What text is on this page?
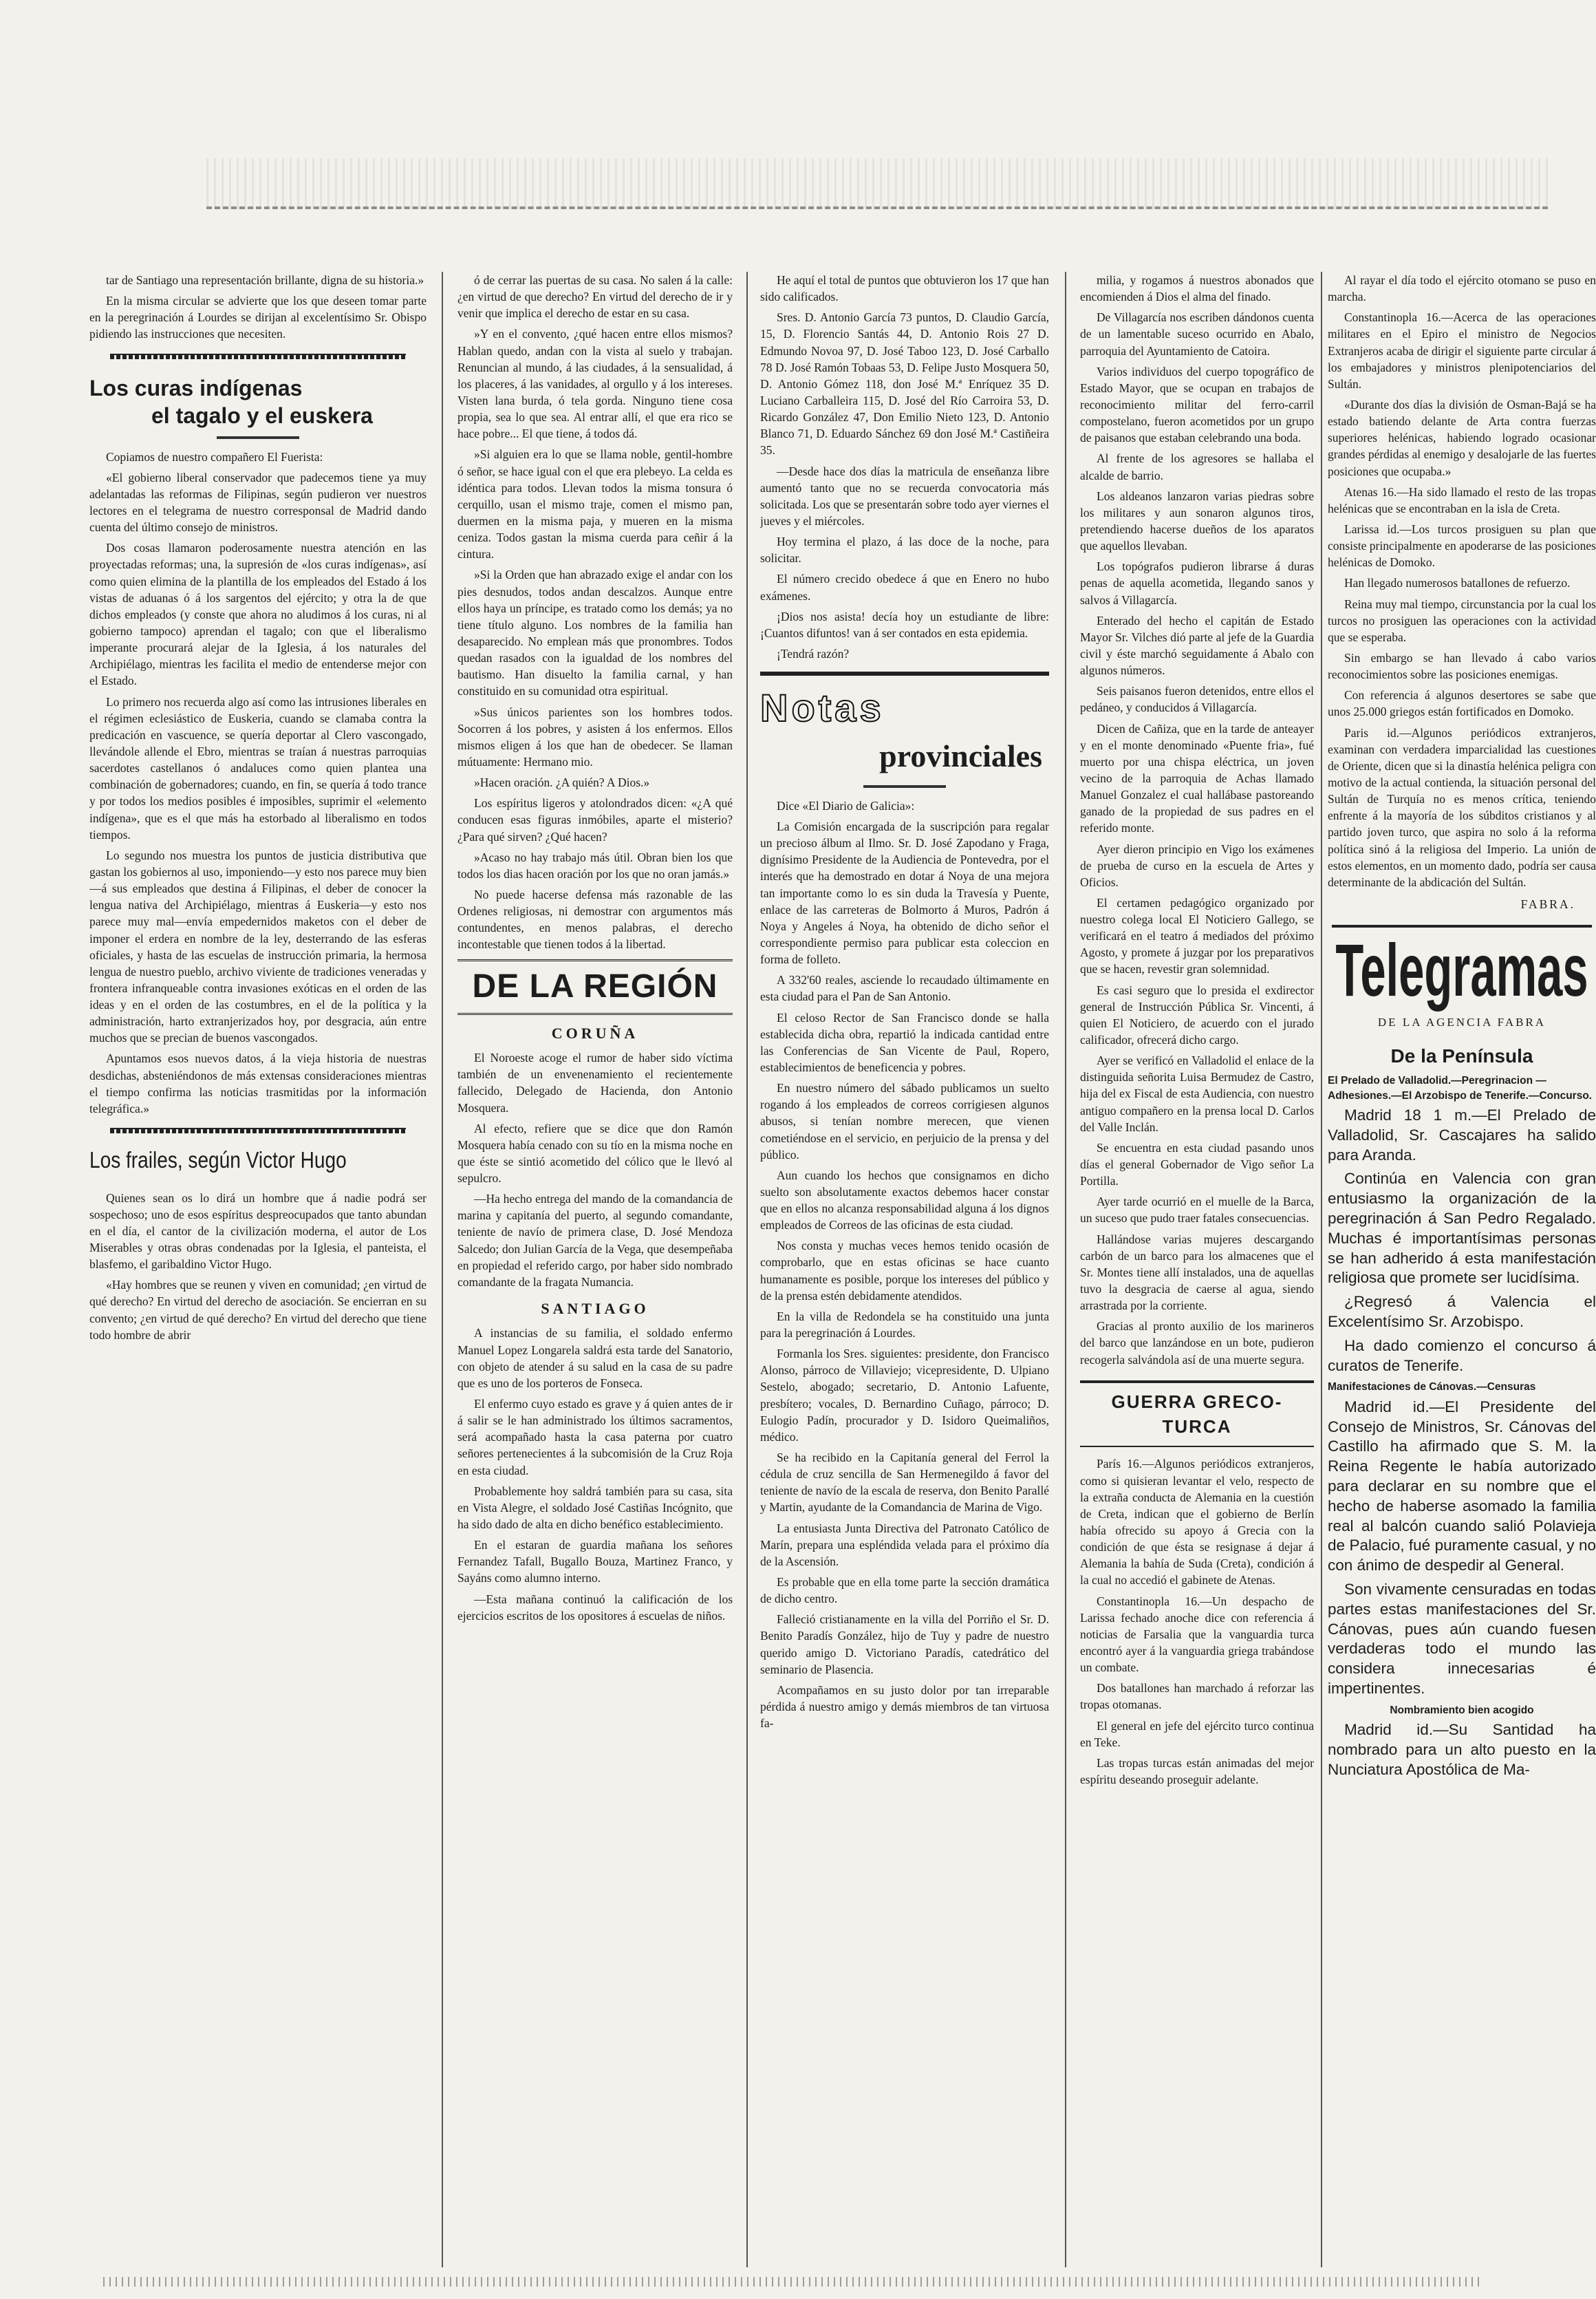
tar de Santiago una representación brillante, digna de su historia.»

En la misma circular se advierte que los que deseen tomar parte en la peregrinación á Lourdes se dirijan al excelentísimo Sr. Obispo pidiendo las instrucciones que necesiten.

Los curas indígenas
el tagalo y el euskera

Copiamos de nuestro compañero El Fuerista:

«El gobierno liberal conservador que padecemos tiene ya muy adelantadas las reformas de Filipinas, según pudieron ver nuestros lectores en el telegrama de nuestro corresponsal de Madrid dando cuenta del último consejo de ministros.

Dos cosas llamaron poderosamente nuestra atención en las proyectadas reformas; una, la supresión de «los curas indígenas», así como quien elimina de la plantilla de los empleados del Estado á los vistas de aduanas ó á los sargentos del ejército; y otra la de que dichos empleados (y conste que ahora no aludimos á los curas, ni al gobierno tampoco) aprendan el tagalo; con que el liberalismo imperante procurará alejar de la Iglesia, á los naturales del Archipiélago, mientras les facilita el medio de entenderse mejor con el Estado.

Lo primero nos recuerda algo así como las intrusiones liberales en el régimen eclesiástico de Euskeria, cuando se clamaba contra la predicación en vascuence, se quería deportar al Clero vascongado, llevándole allende el Ebro, mientras se traían á nuestras parroquias sacerdotes castellanos ó andaluces como quien plantea una combinación de gobernadores; cuando, en fin, se quería á todo trance y por todos los medios posibles é imposibles, suprimir el «elemento indígena», que es el que más ha estorbado al liberalismo en todos tiempos.

Lo segundo nos muestra los puntos de justicia distributiva que gastan los gobiernos al uso, imponiendo—y esto nos parece muy bien—á sus empleados que destina á Filipinas, el deber de conocer la lengua nativa del Archipiélago, mientras á Euskeria—y esto nos parece muy mal—envía empedernidos maketos con el deber de imponer el erdera en nombre de la ley, desterrando de las esferas oficiales, y hasta de las escuelas de instrucción primaria, la hermosa lengua de nuestro pueblo, archivo viviente de tradiciones veneradas y frontera infranqueable contra invasiones exóticas en el orden de las ideas y en el orden de las costumbres, en el de la política y la administración, harto extranjerizados hoy, por desgracia, aún entre muchos que se precian de buenos vascongados.

Apuntamos esos nuevos datos, á la vieja historia de nuestras desdichas, absteniéndonos de más extensas consideraciones mientras el tiempo confirma las noticias trasmitidas por la información telegráfica.»

Los frailes, según Victor Hugo

Quienes sean os lo dirá un hombre que á nadie podrá ser sospechoso; uno de esos espíritus despreocupados que tanto abundan en el día, el cantor de la civilización moderna, el autor de Los Miserables y otras obras condenadas por la Iglesia, el panteista, el blasfemo, el garibaldino Victor Hugo.

«Hay hombres que se reunen y viven en comunidad; ¿en virtud de qué derecho? En virtud del derecho de asociación. Se encierran en su convento; ¿en virtud de qué derecho? En virtud del derecho que tiene todo hombre de abrir

ó de cerrar las puertas de su casa. No salen á la calle: ¿en virtud de que derecho? En virtud del derecho de ir y venir que implica el derecho de estar en su casa.

»Y en el convento, ¿qué hacen entre ellos mismos? Hablan quedo, andan con la vista al suelo y trabajan. Renuncian al mundo, á las ciudades, á la sensualidad, á los placeres, á las vanidades, al orgullo y á los intereses. Visten lana burda, ó tela gorda. Ninguno tiene cosa propia, sea lo que sea. Al entrar allí, el que era rico se hace pobre... El que tiene, á todos dá.

»Si alguien era lo que se llama noble, gentil-hombre ó señor, se hace igual con el que era plebeyo. La celda es idéntica para todos. Llevan todos la misma tonsura ó cerquillo, usan el mismo traje, comen el mismo pan, duermen en la misma paja, y mueren en la misma ceniza. Todos gastan la misma cuerda para ceñir á la cintura.

»Si la Orden que han abrazado exige el andar con los pies desnudos, todos andan descalzos. Aunque entre ellos haya un príncipe, es tratado como los demás; ya no tiene título alguno. Los nombres de la familia han desaparecido. No emplean más que pronombres. Todos quedan rasados con la igualdad de los nombres del bautismo. Han disuelto la familia carnal, y han constituido en su comunidad otra espiritual.

»Sus únicos parientes son los hombres todos. Socorren á los pobres, y asisten á los enfermos. Ellos mismos eligen á los que han de obedecer. Se llaman mútuamente: Hermano mio.

»Hacen oración. ¿A quién? A Dios.»

Los espíritus ligeros y atolondrados dicen: «¿A qué conducen esas figuras inmóbiles, aparte el misterio? ¿Para qué sirven? ¿Qué hacen?

»Acaso no hay trabajo más útil. Obran bien los que todos los dias hacen oración por los que no oran jamás.»

No puede hacerse defensa más razonable de las Ordenes religiosas, ni demostrar con argumentos más contundentes, en menos palabras, el derecho incontestable que tienen todos á la libertad.

DE LA REGIÓN
CORUÑA

El Noroeste acoge el rumor de haber sido víctima también de un envenenamiento el recientemente fallecido, Delegado de Hacienda, don Antonio Mosquera.

Al efecto, refiere que se dice que don Ramón Mosquera había cenado con su tío en la misma noche en que éste se sintió acometido del cólico que le llevó al sepulcro.

—Ha hecho entrega del mando de la comandancia de marina y capitanía del puerto, al segundo comandante, teniente de navío de primera clase, D. José Mendoza Salcedo; don Julian García de la Vega, que desempeñaba en propiedad el referido cargo, por haber sido nombrado comandante de la fragata Numancia.

SANTIAGO

A instancias de su familia, el soldado enfermo Manuel Lopez Longarela saldrá esta tarde del Sanatorio, con objeto de atender á su salud en la casa de su padre que es uno de los porteros de Fonseca.

El enfermo cuyo estado es grave y á quien antes de ir á salir se le han administrado los últimos sacramentos, será acompañado hasta la casa paterna por cuatro señores pertenecientes á la subcomisión de la Cruz Roja en esta ciudad.

Probablemente hoy saldrá también para su casa, sita en Vista Alegre, el soldado José Castiñas Incógnito, que ha sido dado de alta en dicho benéfico establecimiento.

En el estaran de guardia mañana los señores Fernandez Tafall, Bugallo Bouza, Martinez Franco, y Sayáns como alumno interno.

—Esta mañana continuó la calificación de los ejercicios escritos de los opositores á escuelas de niños.

He aquí el total de puntos que obtuvieron los 17 que han sido calificados.

Sres. D. Antonio García 73 puntos, D. Claudio García, 15, D. Florencio Santás 44, D. Antonio Rois 27 D. Edmundo Novoa 97, D. José Taboo 123, D. José Carballo 78 D. José Ramón Tobaas 53, D. Felipe Justo Mosquera 50, D. Antonio Gómez 118, don José M.ª Enríquez 35 D. Luciano Carballeira 115, D. José del Río Carroira 53, D. Ricardo González 47, Don Emilio Nieto 123, D. Antonio Blanco 71, D. Eduardo Sánchez 69 don José M.ª Castiñeira 35.

—Desde hace dos días la matricula de enseñanza libre aumentó tanto que no se recuerda convocatoria más solicitada. Los que se presentarán sobre todo ayer viernes el jueves y el miércoles.

Hoy termina el plazo, á las doce de la noche, para solicitar.

El número crecido obedece á que en Enero no hubo exámenes.

¡Dios nos asista! decía hoy un estudiante de libre: ¡Cuantos difuntos! van á ser contados en esta epidemia.

¡Tendrá razón?

Notas
provinciales

Dice «El Diario de Galicia»:

La Comisión encargada de la suscripción para regalar un precioso álbum al Ilmo. Sr. D. José Zapodano y Fraga, dignísimo Presidente de la Audiencia de Pontevedra, por el interés que ha demostrado en dotar á Noya de una mejora tan importante como lo es sin duda la Travesía y Puente, enlace de las carreteras de Bolmorto á Muros, Padrón á Noya y Angeles á Noya, ha obtenido de dicho señor el correspondiente permiso para publicar esta coleccion en forma de folleto.

A 332'60 reales, asciende lo recaudado últimamente en esta ciudad para el Pan de San Antonio.

El celoso Rector de San Francisco donde se halla establecida dicha obra, repartió la indicada cantidad entre las Conferencias de San Vicente de Paul, Ropero, establecimientos de beneficencia y pobres.

En nuestro número del sábado publicamos un suelto rogando á los empleados de correos corrigiesen algunos abusos, si tenían nombre merecen, que vienen cometiéndose en el servicio, en perjuicio de la prensa y del público.

Aun cuando los hechos que consignamos en dicho suelto son absolutamente exactos debemos hacer constar que en ellos no alcanza responsabilidad alguna á los dignos empleados de Correos de las oficinas de esta ciudad.

Nos consta y muchas veces hemos tenido ocasión de comprobarlo, que en estas oficinas se hace cuanto humanamente es posible, porque los intereses del público y de la prensa estén debidamente atendidos.

En la villa de Redondela se ha constituido una junta para la peregrinación á Lourdes.

Formanla los Sres. siguientes: presidente, don Francisco Alonso, párroco de Villaviejo; vicepresidente, D. Ulpiano Sestelo, abogado; secretario, D. Antonio Lafuente, presbítero; vocales, D. Bernardino Cuñago, párroco; D. Eulogio Padín, procurador y D. Isidoro Queimaliños, médico.

Se ha recibido en la Capitanía general del Ferrol la cédula de cruz sencilla de San Hermenegildo á favor del teniente de navío de la escala de reserva, don Benito Parallé y Martin, ayudante de la Comandancia de Marina de Vigo.

La entusiasta Junta Directiva del Patronato Católico de Marín, prepara una espléndida velada para el próximo día de la Ascensión.

Es probable que en ella tome parte la sección dramática de dicho centro.

Falleció cristianamente en la villa del Porriño el Sr. D. Benito Paradís González, hijo de Tuy y padre de nuestro querido amigo D. Victoriano Paradís, catedrático del seminario de Plasencia.

Acompañamos en su justo dolor por tan irreparable pérdida á nuestro amigo y demás miembros de tan virtuosa fa-

milia, y rogamos á nuestros abonados que encomienden á Dios el alma del finado.

De Villagarcía nos escriben dándonos cuenta de un lamentable suceso ocurrido en Abalo, parroquia del Ayuntamiento de Catoira.

Varios individuos del cuerpo topográfico de Estado Mayor, que se ocupan en trabajos de reconocimiento militar del ferro-carril compostelano, fueron acometidos por un grupo de paisanos que estaban celebrando una boda.

Al frente de los agresores se hallaba el alcalde de barrio.

Los aldeanos lanzaron varias piedras sobre los militares y aun sonaron algunos tiros, pretendiendo hacerse dueños de los aparatos que aquellos llevaban.

Los topógrafos pudieron librarse á duras penas de aquella acometida, llegando sanos y salvos á Villagarcía.

Enterado del hecho el capitán de Estado Mayor Sr. Vilches dió parte al jefe de la Guardia civil y éste marchó seguidamente á Abalo con algunos números.

Seis paisanos fueron detenidos, entre ellos el pedáneo, y conducidos á Villagarcía.

Dicen de Cañiza, que en la tarde de anteayer y en el monte denominado «Puente fria», fué muerto por una chispa eléctrica, un joven vecino de la parroquia de Achas llamado Manuel Gonzalez el cual hallábase pastoreando ganado de la propiedad de sus padres en el referido monte.

Ayer dieron principio en Vigo los exámenes de prueba de curso en la escuela de Artes y Oficios.

El certamen pedagógico organizado por nuestro colega local El Noticiero Gallego, se verificará en el teatro á mediados del próximo Agosto, y promete á juzgar por los preparativos que se hacen, revestir gran solemnidad.

Es casi seguro que lo presida el exdirector general de Instrucción Pública Sr. Vincenti, á quien El Noticiero, de acuerdo con el jurado calificador, ofrecerá dicho cargo.

Ayer se verificó en Valladolid el enlace de la distinguida señorita Luisa Bermudez de Castro, hija del ex Fiscal de esta Audiencia, con nuestro antiguo compañero en la prensa local D. Carlos del Valle Inclán.

Se encuentra en esta ciudad pasando unos días el general Gobernador de Vigo señor La Portilla.

Ayer tarde ocurrió en el muelle de la Barca, un suceso que pudo traer fatales consecuencias.

Hallándose varias mujeres descargando carbón de un barco para los almacenes que el Sr. Montes tiene allí instalados, una de aquellas tuvo la desgracia de caerse al agua, siendo arrastrada por la corriente.

Gracias al pronto auxilio de los marineros del barco que lanzándose en un bote, pudieron recogerla salvándola así de una muerte segura.

GUERRA GRECO-TURCA

París 16.—Algunos periódicos extranjeros, como si quisieran levantar el velo, respecto de la extraña conducta de Alemania en la cuestión de Creta, indican que el gobierno de Berlín había ofrecido su apoyo á Grecia con la condición de que ésta se resignase á dejar á Alemania la bahía de Suda (Creta), condición á la cual no accedió el gabinete de Atenas.

Constantinopla 16.—Un despacho de Larissa fechado anoche dice con referencia á noticias de Farsalia que la vanguardia turca encontró ayer á la vanguardia griega trabándose un combate.

Dos batallones han marchado á reforzar las tropas otomanas.

El general en jefe del ejército turco continua en Teke.

Las tropas turcas están animadas del mejor espíritu deseando proseguir adelante.

Al rayar el día todo el ejército otomano se puso en marcha.

Constantinopla 16.—Acerca de las operaciones militares en el Epiro el ministro de Negocios Extranjeros acaba de dirigir el siguiente parte circular á los embajadores y ministros plenipotenciarios del Sultán.

«Durante dos días la división de Osman-Bajá se ha estado batiendo delante de Arta contra fuerzas superiores helénicas, habiendo logrado ocasionar grandes pérdidas al enemigo y desalojarle de las fuertes posiciones que ocupaba.»

Atenas 16.—Ha sido llamado el resto de las tropas helénicas que se encontraban en la isla de Creta.

Larissa id.—Los turcos prosiguen su plan que consiste principalmente en apoderarse de las posiciones helénicas de Domoko.

Han llegado numerosos batallones de refuerzo.

Reina muy mal tiempo, circunstancia por la cual los turcos no prosiguen las operaciones con la actividad que se esperaba.

Sin embargo se han llevado á cabo varios reconocimientos sobre las posiciones enemigas.

Con referencia á algunos desertores se sabe que unos 25.000 griegos están fortificados en Domoko.

Paris id.—Algunos periódicos extranjeros, examinan con verdadera imparcialidad las cuestiones de Oriente, dicen que si la dinastía helénica peligra con motivo de la actual contienda, la situación personal del Sultán de Turquía no es menos crítica, teniendo enfrente á la mayoría de los súbditos cristianos y al partido joven turco, que aspira no solo á la reforma política sinó á la religiosa del Imperio. La unión de estos elementos, en un momento dado, podría ser causa determinante de la abdicación del Sultán.

FABRA.
Telegramas
DE LA AGENCIA FABRA
De la Península
El Prelado de Valladolid.—Peregrinacion —Adhesiones.—El Arzobispo de Tenerife.—Concurso.

Madrid 18 1 m.—El Prelado de Valladolid, Sr. Cascajares ha salido para Aranda.

Continúa en Valencia con gran entusiasmo la organización de la peregrinación á San Pedro Regalado. Muchas é importantísimas personas se han adherido á esta manifestación religiosa que promete ser lucidísima.

¿Regresó á Valencia el Excelentísimo Sr. Arzobispo.

Ha dado comienzo el concurso á curatos de Tenerife.

Manifestaciones de Cánovas.—Censuras

Madrid id.—El Presidente del Consejo de Ministros, Sr. Cánovas del Castillo ha afirmado que S. M. la Reina Regente le había autorizado para declarar en su nombre que el hecho de haberse asomado la familia real al balcón cuando salió Polavieja de Palacio, fué puramente casual, y no con ánimo de despedir al General.

Son vivamente censuradas en todas partes estas manifestaciones del Sr. Cánovas, pues aún cuando fuesen verdaderas todo el mundo las considera innecesarias é impertinentes.

Nombramiento bien acogido

Madrid id.—Su Santidad ha nombrado para un alto puesto en la Nunciatura Apostólica de Ma-
